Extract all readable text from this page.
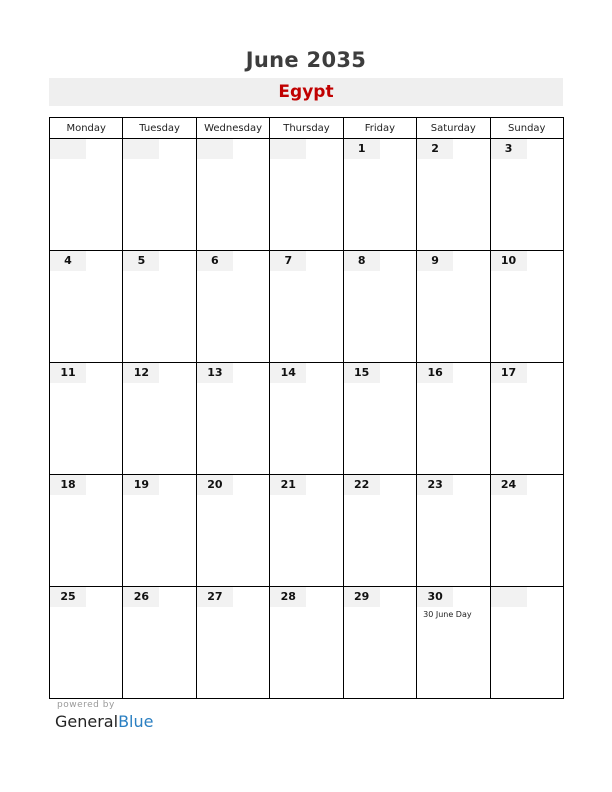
June 2035
Egypt
Monday	Tuesday	Wednesday	Thursday	Friday	Saturday	Sunday

				1	2	3

4	5	6	7	8	9	10

11	12	13	14	15	16	17

18	19	20	21	22	23	24

25	26	27	28	29	30
30 June Day	

powered by
GeneralBlue
